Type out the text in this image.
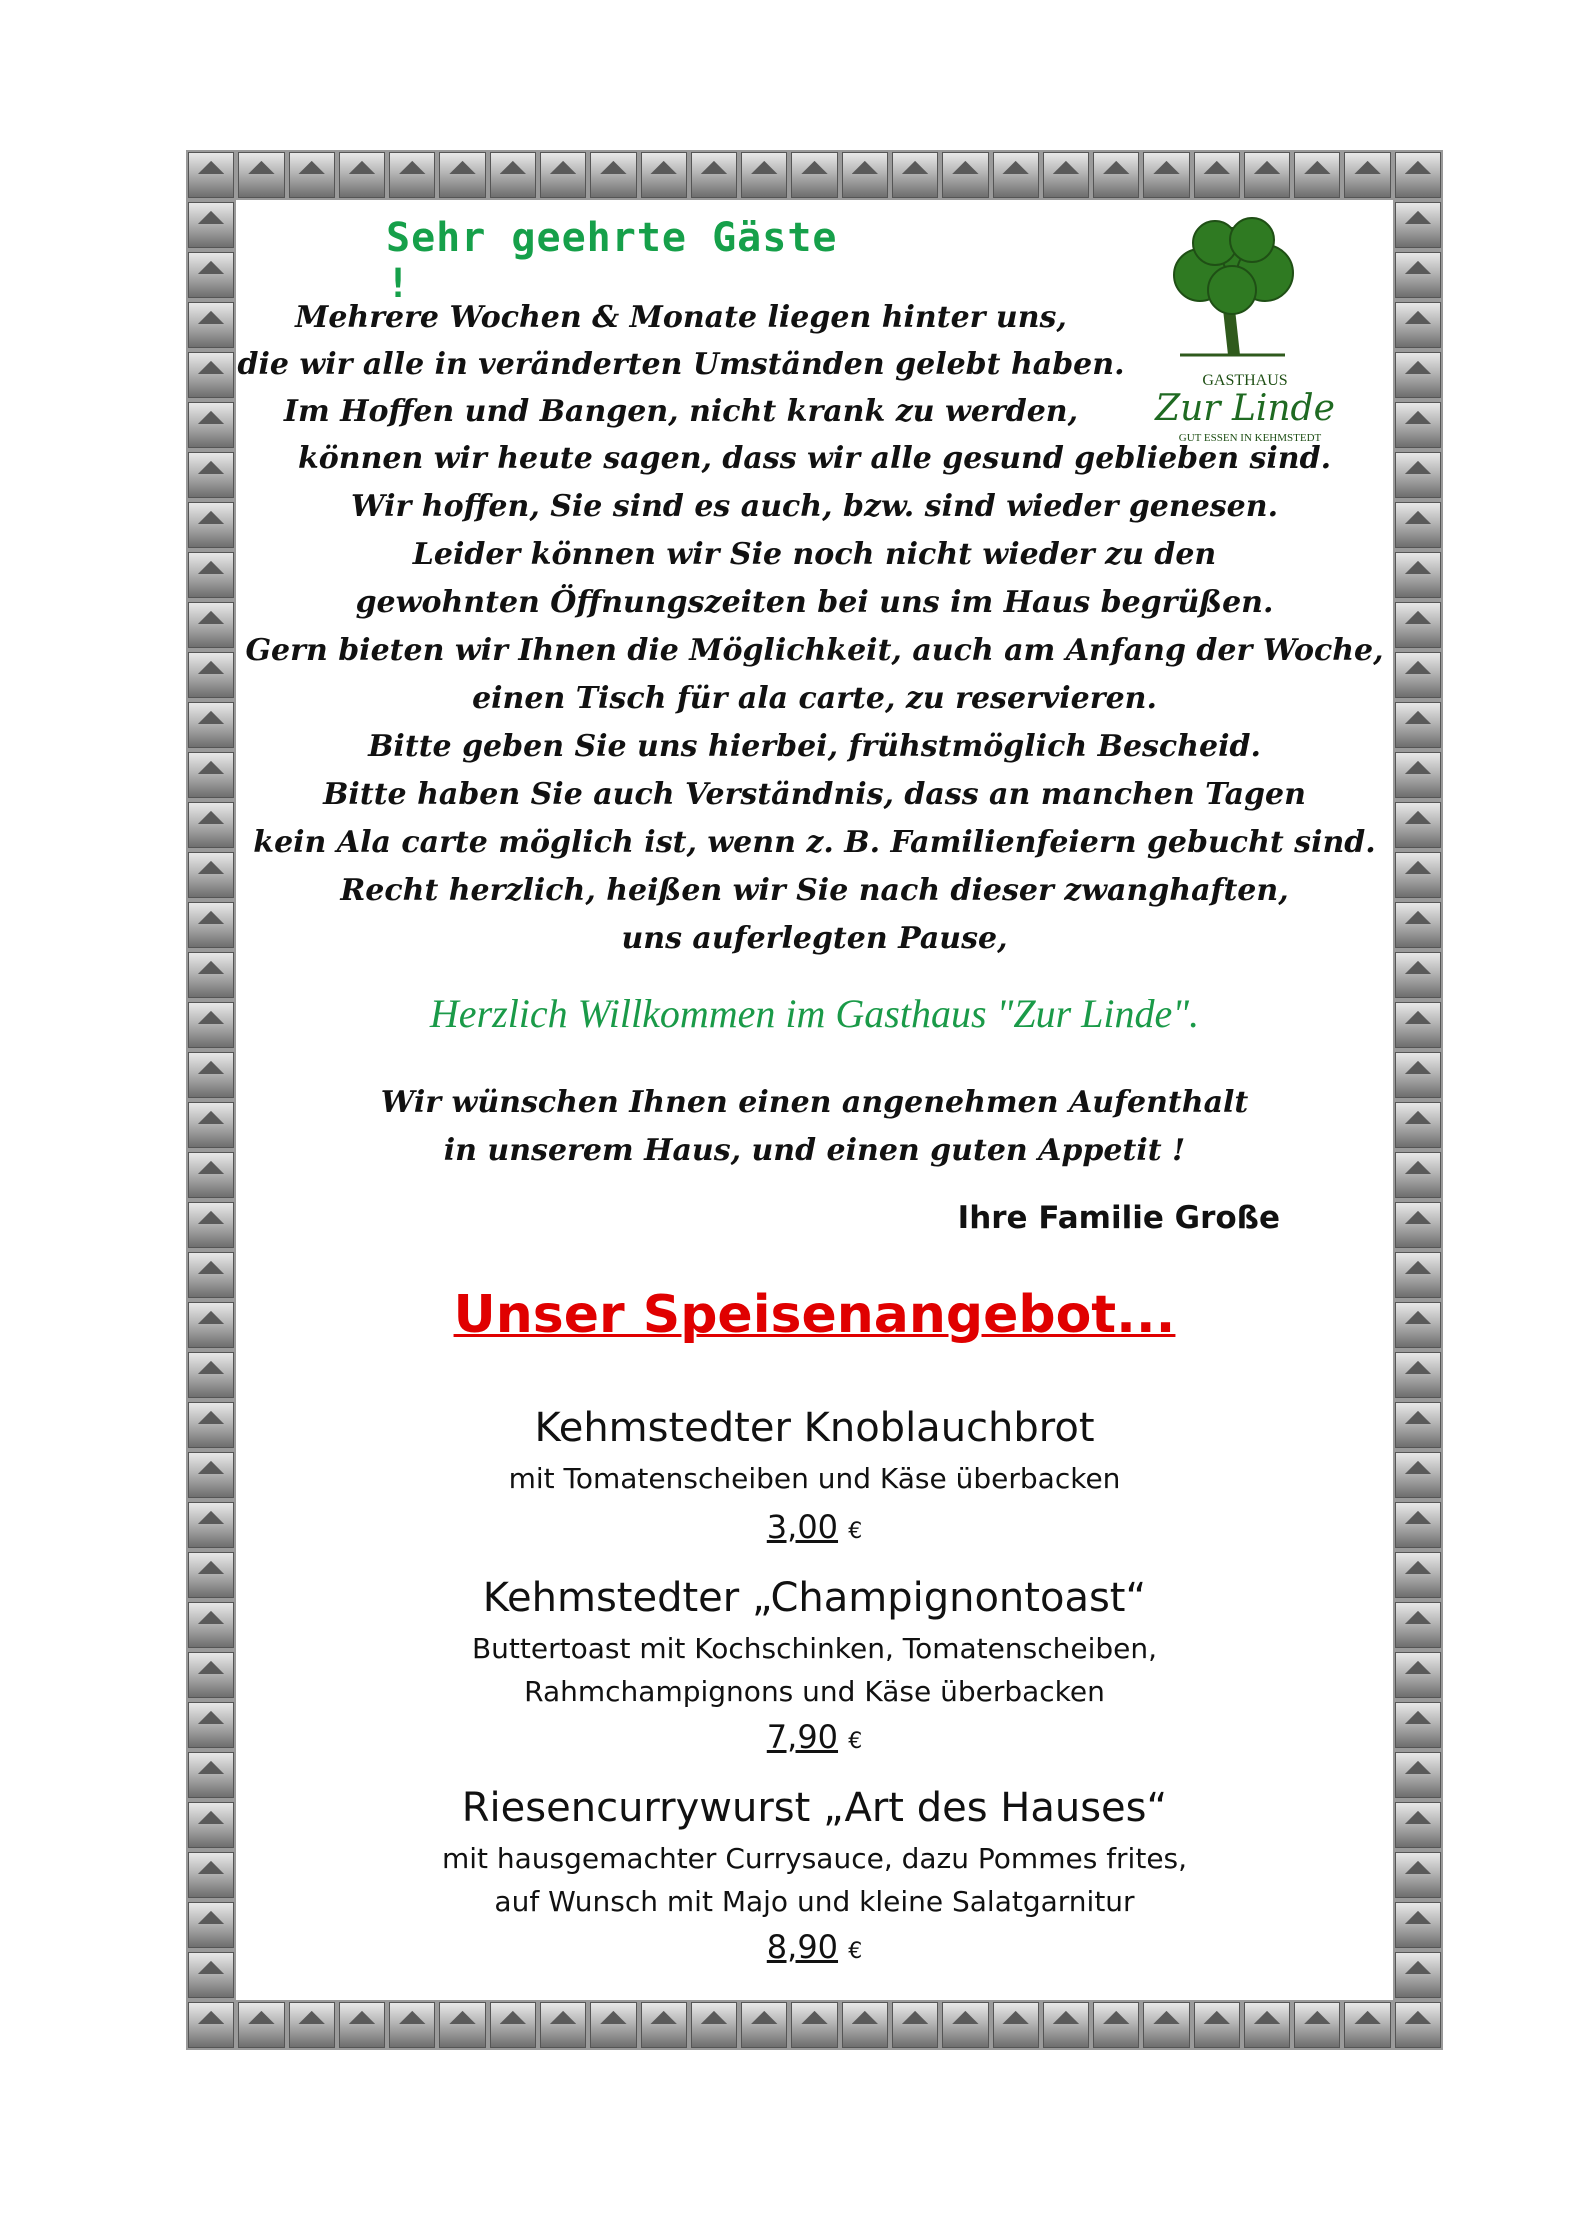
Sehr geehrte Gäste !
GASTHAUS
Zur Linde
GUT ESSEN IN KEHMSTEDT
Mehrere Wochen & Monate liegen hinter uns,
die wir alle in veränderten Umständen gelebt haben.
Im Hoffen und Bangen, nicht krank zu werden,
können wir heute sagen, dass wir alle gesund geblieben sind.
Wir hoffen, Sie sind es auch, bzw. sind wieder genesen.
Leider können wir Sie noch nicht wieder zu den
gewohnten Öffnungszeiten bei uns im Haus begrüßen.
Gern bieten wir Ihnen die Möglichkeit, auch am Anfang der Woche,
einen Tisch für ala carte, zu reservieren.
Bitte geben Sie uns hierbei, frühstmöglich Bescheid.
Bitte haben Sie auch Verständnis, dass an manchen Tagen
kein Ala carte möglich ist, wenn z. B. Familienfeiern gebucht sind.
Recht herzlich, heißen wir Sie nach dieser zwanghaften,
uns auferlegten Pause,
Herzlich Willkommen im Gasthaus "Zur Linde".
Wir wünschen Ihnen einen angenehmen Aufenthalt
in unserem Haus, und einen guten Appetit !
Ihre Familie Große
Unser Speisenangebot...
Kehmstedter Knoblauchbrot
mit Tomatenscheiben und Käse überbacken
3,00 €
Kehmstedter „Champignontoast“
Buttertoast mit Kochschinken, Tomatenscheiben,
Rahmchampignons und Käse überbacken
7,90 €
Riesencurrywurst „Art des Hauses“
mit hausgemachter Currysauce, dazu Pommes frites,
auf Wunsch mit Majo und kleine Salatgarnitur
8,90 €
